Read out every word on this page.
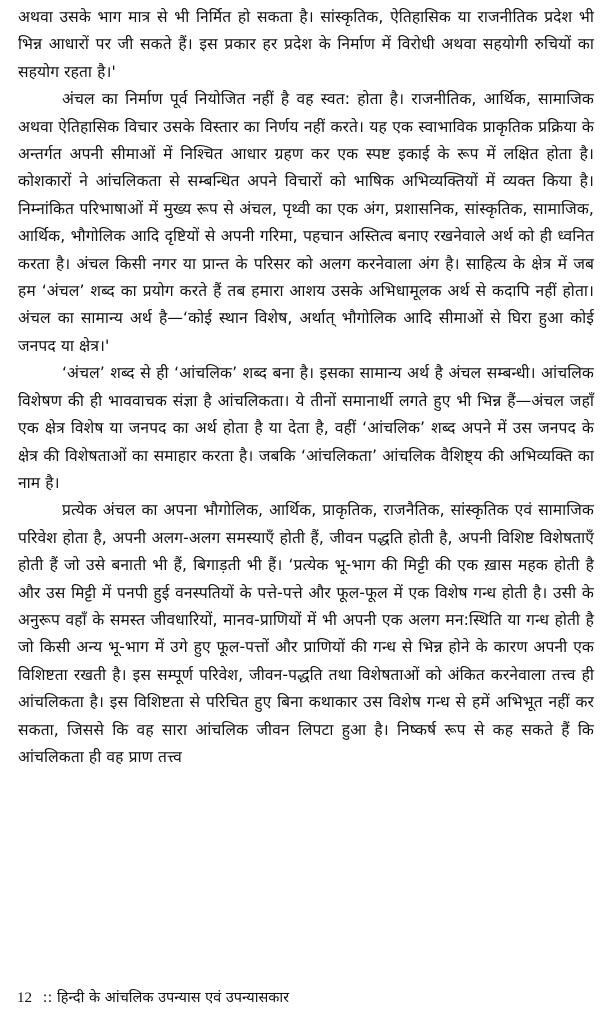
अथवा उसके भाग मात्र से भी निर्मित हो सकता है। सांस्कृतिक, ऐतिहासिक या राजनीतिक प्रदेश भी भिन्न आधारों पर जी सकते हैं। इस प्रकार हर प्रदेश के निर्माण में विरोधी अथवा सहयोगी रुचियों का सहयोग रहता है।'

अंचल का निर्माण पूर्व नियोजित नहीं है वह स्वत: होता है। राजनीतिक, आर्थिक, सामाजिक अथवा ऐतिहासिक विचार उसके विस्तार का निर्णय नहीं करते। यह एक स्वाभाविक प्राकृतिक प्रक्रिया के अन्तर्गत अपनी सीमाओं में निश्चित आधार ग्रहण कर एक स्पष्ट इकाई के रूप में लक्षित होता है। कोशकारों ने आंचलिकता से सम्बन्धित अपने विचारों को भाषिक अभिव्यक्तियों में व्यक्त किया है। निम्नांकित परिभाषाओं में मुख्य रूप से अंचल, पृथ्वी का एक अंग, प्रशासनिक, सांस्कृतिक, सामाजिक, आर्थिक, भौगोलिक आदि दृष्टियों से अपनी गरिमा, पहचान अस्तित्व बनाए रखनेवाले अर्थ को ही ध्वनित करता है। अंचल किसी नगर या प्रान्त के परिसर को अलग करनेवाला अंग है। साहित्य के क्षेत्र में जब हम ‘अंचल’ शब्द का प्रयोग करते हैं तब हमारा आशय उसके अभिधामूलक अर्थ से कदापि नहीं होता। अंचल का सामान्य अर्थ है—‘कोई स्थान विशेष, अर्थात् भौगोलिक आदि सीमाओं से घिरा हुआ कोई जनपद या क्षेत्र।'

‘अंचल’ शब्द से ही ‘आंचलिक’ शब्द बना है। इसका सामान्य अर्थ है अंचल सम्बन्धी। आंचलिक विशेषण की ही भाववाचक संज्ञा है आंचलिकता। ये तीनों समानार्थी लगते हुए भी भिन्न हैं—अंचल जहाँ एक क्षेत्र विशेष या जनपद का अर्थ होता है या देता है, वहीं ‘आंचलिक’ शब्द अपने में उस जनपद के क्षेत्र की विशेषताओं का समाहार करता है। जबकि ‘आंचलिकता’ आंचलिक वैशिष्ट्य की अभिव्यक्ति का नाम है।

प्रत्येक अंचल का अपना भौगोलिक, आर्थिक, प्राकृतिक, राजनैतिक, सांस्कृतिक एवं सामाजिक परिवेश होता है, अपनी अलग-अलग समस्याएँ होती हैं, जीवन पद्धति होती है, अपनी विशिष्ट विशेषताएँ होती हैं जो उसे बनाती भी हैं, बिगाड़ती भी हैं। ‘प्रत्येक भू-भाग की मिट्टी की एक ख़ास महक होती है और उस मिट्टी में पनपी हुई वनस्पतियों के पत्ते-पत्ते और फूल-फूल में एक विशेष गन्ध होती है। उसी के अनुरूप वहाँ के समस्त जीवधारियों, मानव-प्राणियों में भी अपनी एक अलग मन:स्थिति या गन्ध होती है जो किसी अन्य भू-भाग में उगे हुए फूल-पत्तों और प्राणियों की गन्ध से भिन्न होने के कारण अपनी एक विशिष्टता रखती है। इस सम्पूर्ण परिवेश, जीवन-पद्धति तथा विशेषताओं को अंकित करनेवाला तत्त्व ही आंचलिकता है। इस विशिष्टता से परिचित हुए बिना कथाकार उस विशेष गन्ध से हमें अभिभूत नहीं कर सकता, जिससे कि वह सारा आंचलिक जीवन लिपटा हुआ है। निष्कर्ष रूप से कह सकते हैं कि आंचलिकता ही वह प्राण तत्त्व

12 :: हिन्दी के आंचलिक उपन्यास एवं उपन्यासकार
